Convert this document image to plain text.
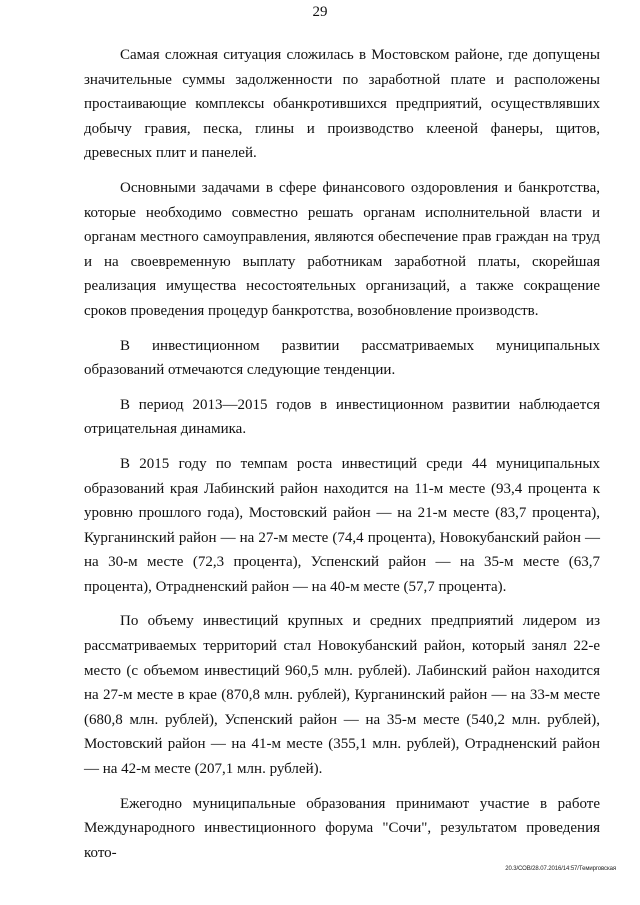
29

Самая сложная ситуация сложилась в Мостовском районе, где допущены значительные суммы задолженности по заработной плате и расположены простаивающие комплексы обанкротившихся предприятий, осуществлявших добычу гравия, песка, глины и производство клееной фанеры, щитов, древесных плит и панелей.

Основными задачами в сфере финансового оздоровления и банкротства, которые необходимо совместно решать органам исполнительной власти и органам местного самоуправления, являются обеспечение прав граждан на труд и на своевременную выплату работникам заработной платы, скорейшая реализация имущества несостоятельных организаций, а также сокращение сроков проведения процедур банкротства, возобновление производств.

В инвестиционном развитии рассматриваемых муниципальных образований отмечаются следующие тенденции.

В период 2013—2015 годов в инвестиционном развитии наблюдается отрицательная динамика.

В 2015 году по темпам роста инвестиций среди 44 муниципальных образований края Лабинский район находится на 11-м месте (93,4 процента к уровню прошлого года), Мостовский район — на 21-м месте (83,7 процента), Курганинский район — на 27-м месте (74,4 процента), Новокубанский район — на 30-м месте (72,3 процента), Успенский район — на 35-м месте (63,7 процента), Отрадненский район — на 40-м месте (57,7 процента).

По объему инвестиций крупных и средних предприятий лидером из рассматриваемых территорий стал Новокубанский район, который занял 22-е место (с объемом инвестиций 960,5 млн. рублей). Лабинский район находится на 27-м месте в крае (870,8 млн. рублей), Курганинский район — на 33-м месте (680,8 млн. рублей), Успенский район — на 35-м месте (540,2 млн. рублей), Мостовский район — на 41-м месте (355,1 млн. рублей), Отрадненский район — на 42-м месте (207,1 млн. рублей).

Ежегодно муниципальные образования принимают участие в работе Международного инвестиционного форума "Сочи", результатом проведения кото-

20.3/СОВ/28.07.2016/14:57/Темирговская
